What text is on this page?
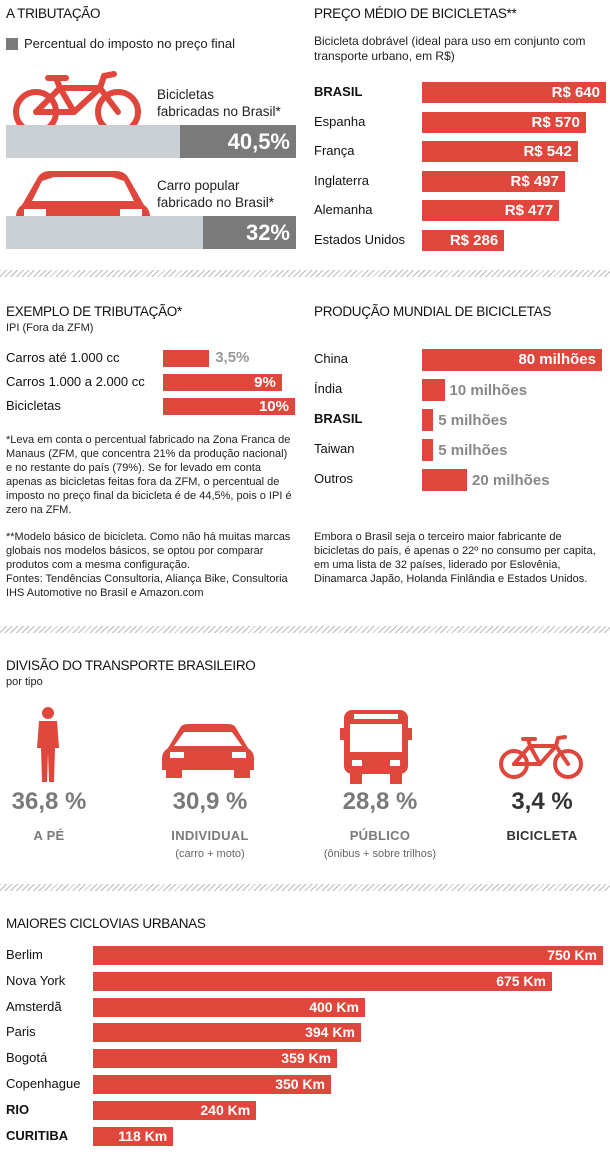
A TRIBUTAÇÃO
Percentual do imposto no preço final
Bicicletas
fabricadas no Brasil*
40,5%
Carro popular
fabricado no Brasil*
32%
PREÇO MÉDIO DE BICICLETAS**
Bicicleta dobrável (ideal para uso em conjunto com transporte urbano, em R$)
BRASIL	R$ 640
Espanha	R$ 570
França	R$ 542
Inglaterra	R$ 497
Alemanha	R$ 477
Estados Unidos	R$ 286
EXEMPLO DE TRIBUTAÇÃO*
IPI (Fora da ZFM)
Carros até 1.000 cc	3,5%
Carros 1.000 a 2.000 cc	9%
Bicicletas	10%
*Leva em conta o percentual fabricado na Zona Franca de Manaus (ZFM, que concentra 21% da produção nacional) e no restante do país (79%). Se for levado em conta apenas as bicicletas feitas fora da ZFM, o percentual de imposto no preço final da bicicleta é de 44,5%, pois o IPI é zero na ZFM.
**Modelo básico de bicicleta. Como não há muitas marcas globais nos modelos básicos, se optou por comparar produtos com a mesma configuração.
Fontes: Tendências Consultoria, Aliança Bike, Consultoria IHS Automotive no Brasil e Amazon.com
PRODUÇÃO MUNDIAL DE BICICLETAS
China	80 milhões
Índia	10 milhões
BRASIL	5 milhões
Taiwan	5 milhões
Outros	20 milhões
Embora o Brasil seja o terceiro maior fabricante de bicicletas do país, é apenas o 22º no consumo per capita, em uma lista de 32 países, liderado por Eslovênia, Dinamarca Japão, Holanda Finlândia e Estados Unidos.
DIVISÃO DO TRANSPORTE BRASILEIRO
por tipo
36,8 %
A PÉ
30,9 %
INDIVIDUAL
(carro + moto)
28,8 %
PÚBLICO
(ônibus + sobre trilhos)
3,4 %
BICICLETA
MAIORES CICLOVIAS URBANAS
Berlim	750 Km
Nova York	675 Km
Amsterdã	400 Km
Paris	394 Km
Bogotá	359 Km
Copenhague	350 Km
RIO	240 Km
CURITIBA	118 Km
